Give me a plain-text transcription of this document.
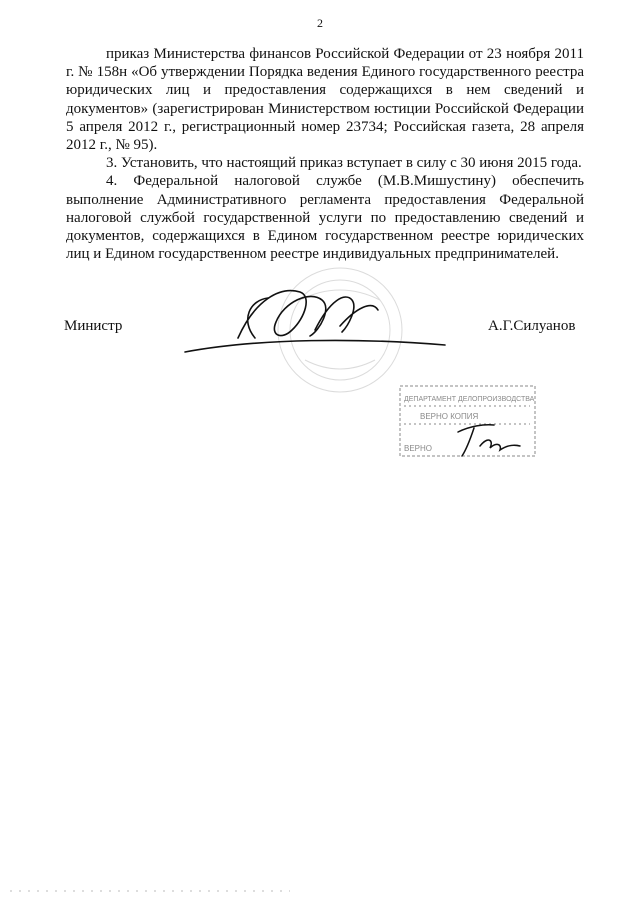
2

приказ Министерства финансов Российской Федерации от 23 ноября 2011 г. № 158н «Об утверждении Порядка ведения Единого государственного реестра юридических лиц и предоставления содержащихся в нем сведений и документов» (зарегистрирован Министерством юстиции Российской Федерации 5 апреля 2012 г., регистрационный номер 23734; Российская газета, 28 апреля 2012 г., № 95).

3. Установить, что настоящий приказ вступает в силу с 30 июня 2015 года.

4. Федеральной налоговой службе (М.В.Мишустину) обеспечить выполнение Административного регламента предоставления Федеральной налоговой службой государственной услуги по предоставлению сведений и документов, содержащихся в Едином государственном реестре юридических лиц и Едином государственном реестре индивидуальных предпринимателей.

Министр	А.Г.Силуанов
ДЕПАРТАМЕНТ ДЕЛОПРОИЗВОДСТВА
ВЕРНО КОПИЯ
ВЕРНО
